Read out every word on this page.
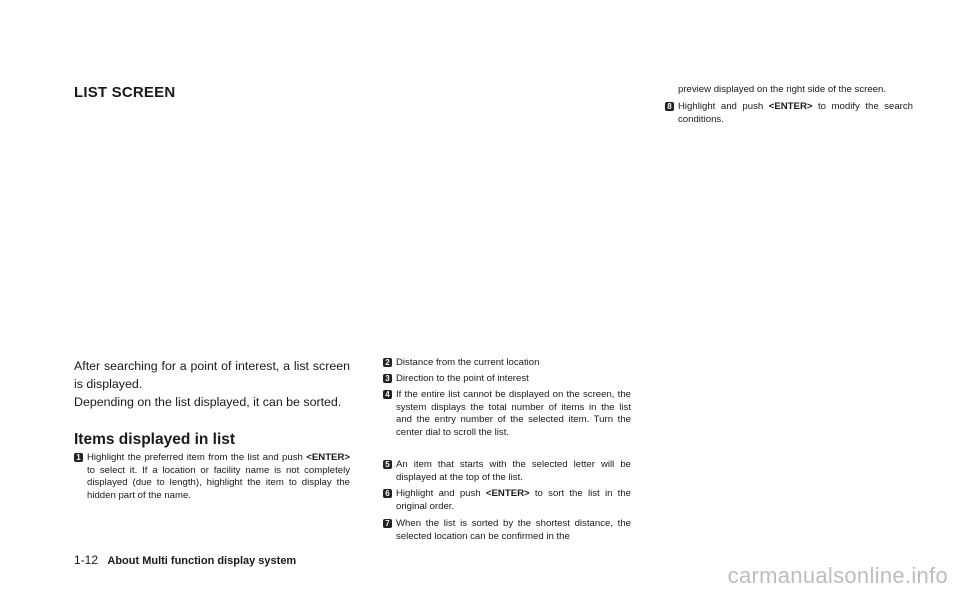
LIST SCREEN
After searching for a point of interest, a list screen is displayed.
Depending on the list displayed, it can be sorted.
Items displayed in list
1 Highlight the preferred item from the list and push <ENTER> to select it. If a location or facility name is not completely displayed (due to length), highlight the item to display the hidden part of the name.
2 Distance from the current location
3 Direction to the point of interest
4 If the entire list cannot be displayed on the screen, the system displays the total number of items in the list and the entry number of the selected item. Turn the center dial to scroll the list.
5 An item that starts with the selected letter will be displayed at the top of the list.
6 Highlight and push <ENTER> to sort the list in the original order.
7 When the list is sorted by the shortest distance, the selected location can be confirmed in the
preview displayed on the right side of the screen.
8 Highlight and push <ENTER> to modify the search conditions.
1-12 About Multi function display system
carmanualsonline.info
